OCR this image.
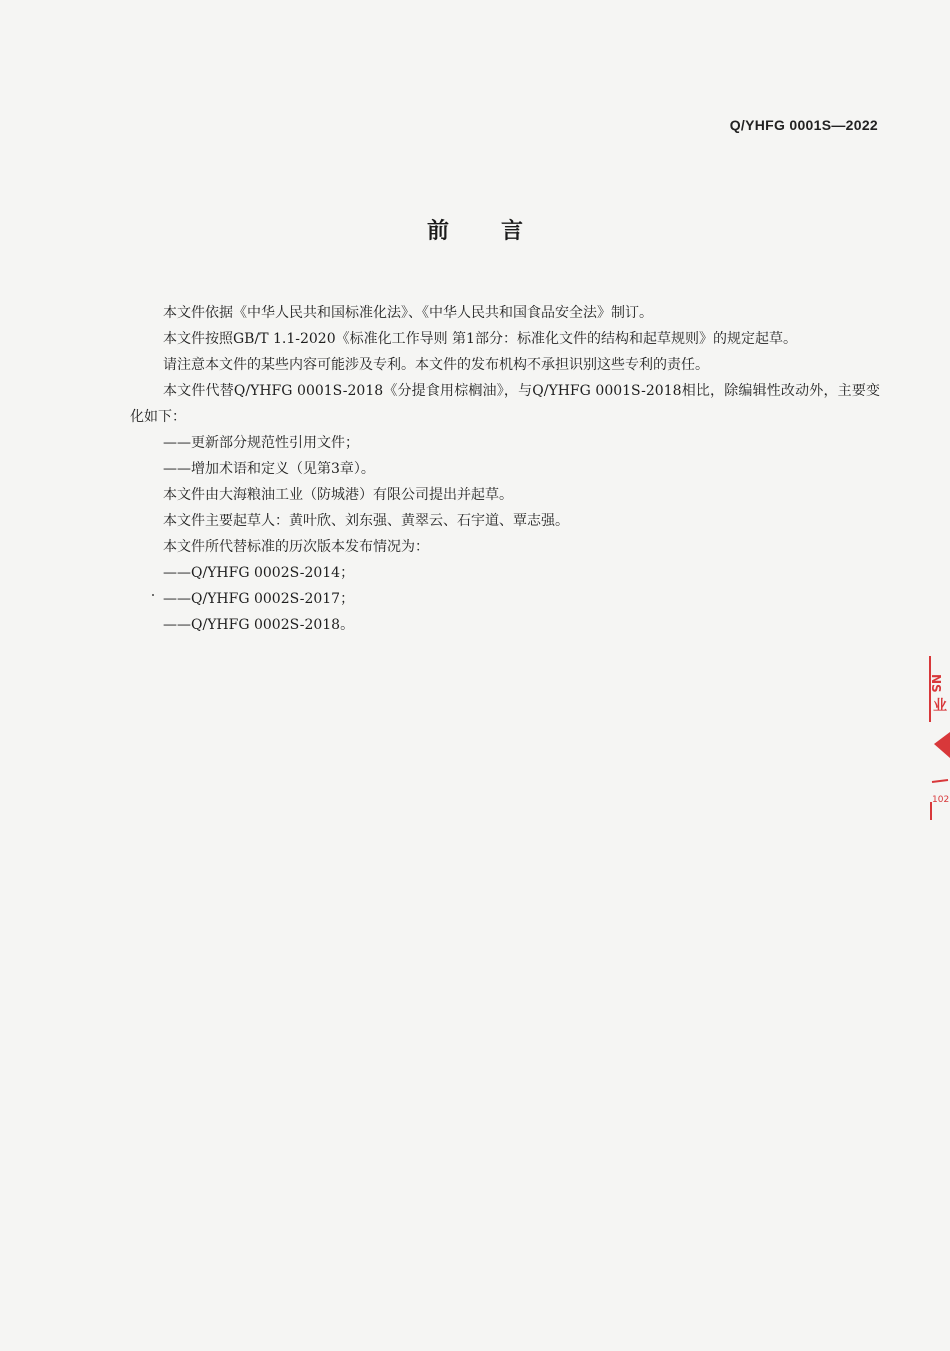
Q/YHFG 0001S—2022
前言

本文件依据《中华人民共和国标准化法》、《中华人民共和国食品安全法》制订。

本文件按照GB/T 1.1-2020《标准化工作导则 第1部分：标准化文件的结构和起草规则》的规定起草。

请注意本文件的某些内容可能涉及专利。本文件的发布机构不承担识别这些专利的责任。

本文件代替Q/YHFG 0001S-2018《分提食用棕榈油》，与Q/YHFG 0001S-2018相比，除编辑性改动外，主要变化如下：

——更新部分规范性引用文件；

——增加术语和定义（见第3章）。

本文件由大海粮油工业（防城港）有限公司提出并起草。

本文件主要起草人：黄叶欣、刘东强、黄翠云、石宇道、覃志强。

本文件所代替标准的历次版本发布情况为：

——Q/YHFG 0002S-2014；

——Q/YHFG 0002S-2017；

——Q/YHFG 0002S-2018。

NS
业
102
